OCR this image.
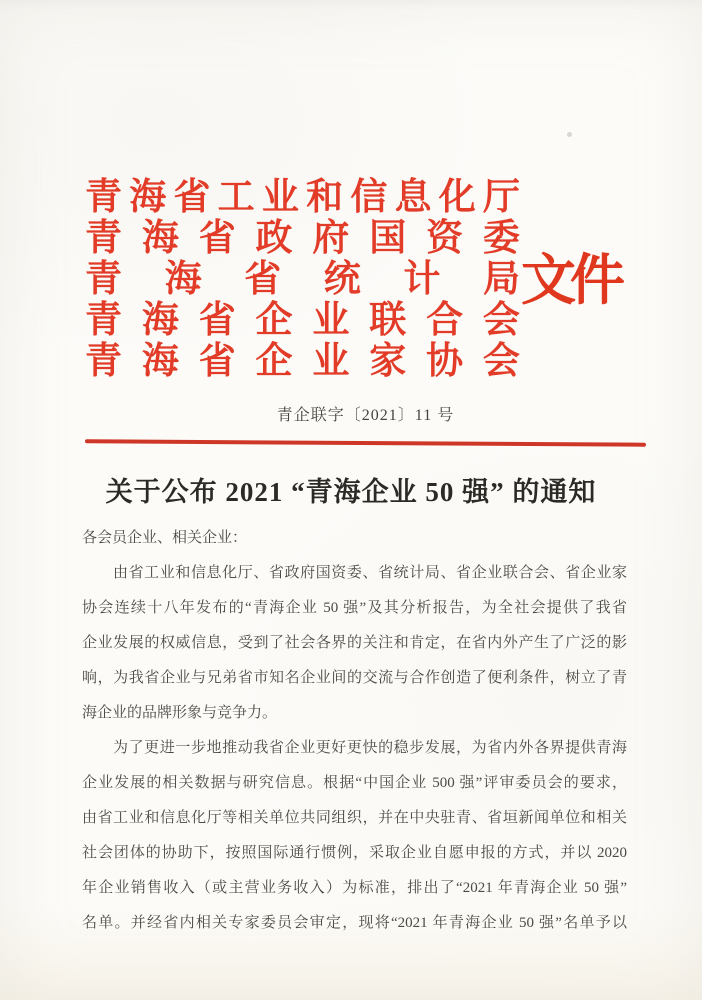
青 海 省 工 业 和 信 息 化 厅
青 海 省 政 府 国 资 委
青 海 省 统 计 局
青 海 省 企 业 联 合 会
青 海 省 企 业 家 协 会
文件
青企联字〔2021〕11 号
关于公布 2021 “青海企业 50 强” 的通知

各会员企业、相关企业：

由省工业和信息化厅、省政府国资委、省统计局、省企业联合会、省企业家

协会连续十八年发布的“青海企业 50 强”及其分析报告，为全社会提供了我省

企业发展的权威信息，受到了社会各界的关注和肯定，在省内外产生了广泛的影

响，为我省企业与兄弟省市知名企业间的交流与合作创造了便利条件，树立了青

海企业的品牌形象与竞争力。

为了更进一步地推动我省企业更好更快的稳步发展，为省内外各界提供青海

企业发展的相关数据与研究信息。根据“中国企业 500 强”评审委员会的要求，

由省工业和信息化厅等相关单位共同组织，并在中央驻青、省垣新闻单位和相关

社会团体的协助下，按照国际通行惯例，采取企业自愿申报的方式，并以 2020

年企业销售收入（或主营业务收入）为标准，排出了“2021 年青海企业 50 强”

名单。并经省内相关专家委员会审定，现将“2021 年青海企业 50 强”名单予以
